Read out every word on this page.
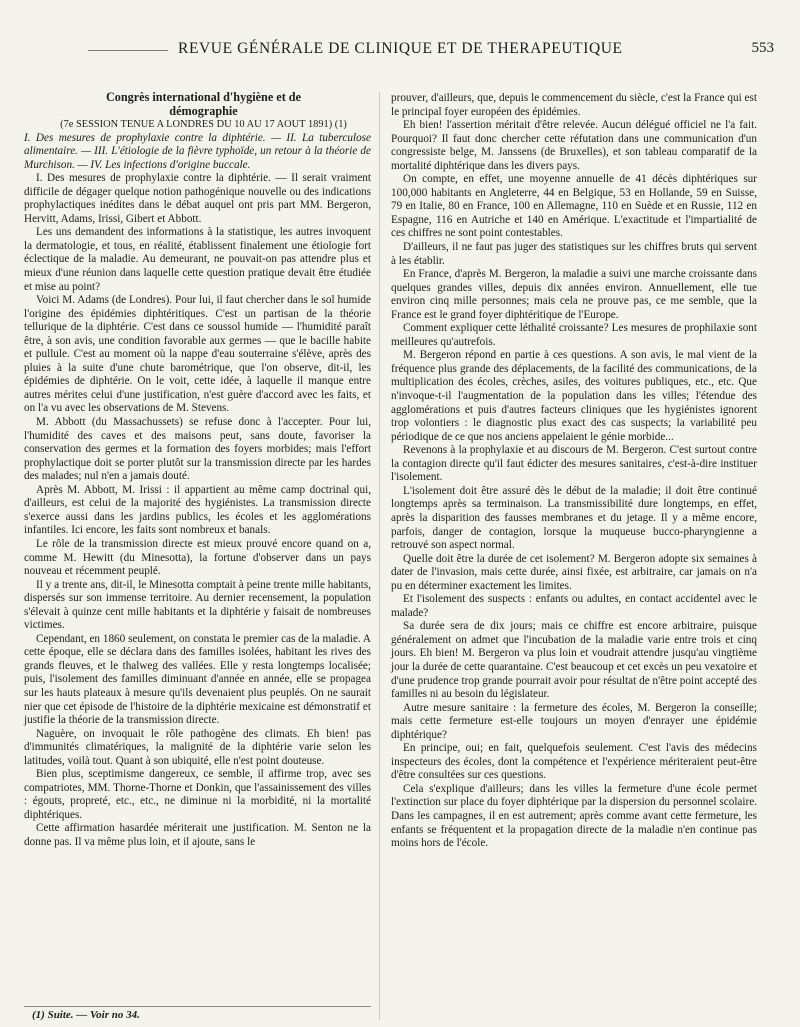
REVUE GÉNÉRALE DE CLINIQUE ET DE THERAPEUTIQUE	553

Congrès international d'hygiène et de

démographie

(7e SESSION TENUE A LONDRES DU 10 AU 17 AOUT 1891) (1)

I. Des mesures de prophylaxie contre la diphtérie. — II. La tuberculose alimentaire. — III. L'étiologie de la fièvre typhoïde, un retour à la théorie de Murchison. — IV. Les infections d'origine buccale.

I. Des mesures de prophylaxie contre la diphtérie. — Il serait vraiment difficile de dégager quelque notion pathogénique nouvelle ou des indications prophylactiques inédites dans le débat auquel ont pris part MM. Bergeron, Hervitt, Adams, Irissi, Gibert et Abbott.

Les uns demandent des informations à la statistique, les autres invoquent la dermatologie, et tous, en réalité, établissent finalement une étiologie fort éclectique de la maladie. Au demeurant, ne pouvait-on pas attendre plus et mieux d'une réunion dans laquelle cette question pratique devait être étudiée et mise au point?

Voici M. Adams (de Londres). Pour lui, il faut chercher dans le sol humide l'origine des épidémies diphtéritiques. C'est un partisan de la théorie tellurique de la diphtérie. C'est dans ce soussol humide — l'humidité paraît être, à son avis, une condition favorable aux germes — que le bacille habite et pullule. C'est au moment où la nappe d'eau souterraine s'élève, après des pluies à la suite d'une chute barométrique, que l'on observe, dit-il, les épidémies de diphtérie. On le voit, cette idée, à laquelle il manque entre autres mérites celui d'une justification, n'est guère d'accord avec les faits, et on l'a vu avec les observations de M. Stevens.

M. Abbott (du Massachussets) se refuse donc à l'accepter. Pour lui, l'humidité des caves et des maisons peut, sans doute, favoriser la conservation des germes et la formation des foyers morbides; mais l'effort prophylactique doit se porter plutôt sur la transmission directe par les hardes des malades; nul n'en a jamais douté.

Après M. Abbott, M. Irissi : il appartient au même camp doctrinal qui, d'ailleurs, est celui de la majorité des hygiénistes. La transmission directe s'exerce aussi dans les jardins publics, les écoles et les agglomérations infantiles. Ici encore, les faits sont nombreux et banals.

Le rôle de la transmission directe est mieux prouvé encore quand on a, comme M. Hewitt (du Minesotta), la fortune d'observer dans un pays nouveau et récemment peuplé.

Il y a trente ans, dit-il, le Minesotta comptait à peine trente mille habitants, dispersés sur son immense territoire. Au dernier recensement, la population s'élevait à quinze cent mille habitants et la diphtérie y faisait de nombreuses victimes.

Cependant, en 1860 seulement, on constata le premier cas de la maladie. A cette époque, elle se déclara dans des familles isolées, habitant les rives des grands fleuves, et le thalweg des vallées. Elle y resta longtemps localisée; puis, l'isolement des familles diminuant d'année en année, elle se propagea sur les hauts plateaux à mesure qu'ils devenaient plus peuplés. On ne saurait nier que cet épisode de l'histoire de la diphtérie mexicaine est démonstratif et justifie la théorie de la transmission directe.

Naguère, on invoquait le rôle pathogène des climats. Eh bien! pas d'immunités climatériques, la malignité de la diphtérie varie selon les latitudes, voilà tout. Quant à son ubiquité, elle n'est point douteuse.

Bien plus, sceptimisme dangereux, ce semble, il affirme trop, avec ses compatriotes, MM. Thorne-Thorne et Donkin, que l'assainissement des villes : égouts, propreté, etc., etc., ne diminue ni la morbidité, ni la mortalité diphtériques.

Cette affirmation hasardée mériterait une justification. M. Senton ne la donne pas. Il va même plus loin, et il ajoute, sans le

(1) Suite. — Voir no 34.

prouver, d'ailleurs, que, depuis le commencement du siècle, c'est la France qui est le principal foyer européen des épidémies.

Eh bien! l'assertion méritait d'être relevée. Aucun délégué officiel ne l'a fait. Pourquoi? Il faut donc chercher cette réfutation dans une communication d'un congressiste belge, M. Janssens (de Bruxelles), et son tableau comparatif de la mortalité diphtérique dans les divers pays.

On compte, en effet, une moyenne annuelle de 41 décès diphtériques sur 100,000 habitants en Angleterre, 44 en Belgique, 53 en Hollande, 59 en Suisse, 79 en Italie, 80 en France, 100 en Allemagne, 110 en Suède et en Russie, 112 en Espagne, 116 en Autriche et 140 en Amérique. L'exactitude et l'impartialité de ces chiffres ne sont point contestables.

D'ailleurs, il ne faut pas juger des statistiques sur les chiffres bruts qui servent à les établir.

En France, d'après M. Bergeron, la maladie a suivi une marche croissante dans quelques grandes villes, depuis dix années environ. Annuellement, elle tue environ cinq mille personnes; mais cela ne prouve pas, ce me semble, que la France est le grand foyer diphtéritique de l'Europe.

Comment expliquer cette léthalité croissante? Les mesures de prophilaxie sont meilleures qu'autrefois.

M. Bergeron répond en partie à ces questions. A son avis, le mal vient de la fréquence plus grande des déplacements, de la facilité des communications, de la multiplication des écoles, crèches, asiles, des voitures publiques, etc., etc. Que n'invoque-t-il l'augmentation de la population dans les villes; l'étendue des agglomérations et puis d'autres facteurs cliniques que les hygiénistes ignorent trop volontiers : le diagnostic plus exact des cas suspects; la variabilité peu périodique de ce que nos anciens appelaient le génie morbide...

Revenons à la prophylaxie et au discours de M. Bergeron. C'est surtout contre la contagion directe qu'il faut édicter des mesures sanitaires, c'est-à-dire instituer l'isolement.

L'isolement doit être assuré dès le début de la maladie; il doit être continué longtemps après sa terminaison. La transmissibilité dure longtemps, en effet, après la disparition des fausses membranes et du jetage. Il y a même encore, parfois, danger de contagion, lorsque la muqueuse bucco-pharyngienne a retrouvé son aspect normal.

Quelle doit être la durée de cet isolement? M. Bergeron adopte six semaines à dater de l'invasion, mais cette durée, ainsi fixée, est arbitraire, car jamais on n'a pu en déterminer exactement les limites.

Et l'isolement des suspects : enfants ou adultes, en contact accidentel avec le malade?

Sa durée sera de dix jours; mais ce chiffre est encore arbitraire, puisque généralement on admet que l'incubation de la maladie varie entre trois et cinq jours. Eh bien! M. Bergeron va plus loin et voudrait attendre jusqu'au vingtième jour la durée de cette quarantaine. C'est beaucoup et cet excès un peu vexatoire et d'une prudence trop grande pourrait avoir pour résultat de n'être point accepté des familles ni au besoin du législateur.

Autre mesure sanitaire : la fermeture des écoles, M. Bergeron la conseille; mais cette fermeture est-elle toujours un moyen d'enrayer une épidémie diphtérique?

En principe, oui; en fait, quelquefois seulement. C'est l'avis des médecins inspecteurs des écoles, dont la compétence et l'expérience mériteraient peut-être d'être consultées sur ces questions.

Cela s'explique d'ailleurs; dans les villes la fermeture d'une école permet l'extinction sur place du foyer diphtérique par la dispersion du personnel scolaire. Dans les campagnes, il en est autrement; après comme avant cette fermeture, les enfants se fréquentent et la propagation directe de la maladie n'en continue pas moins hors de l'école.
